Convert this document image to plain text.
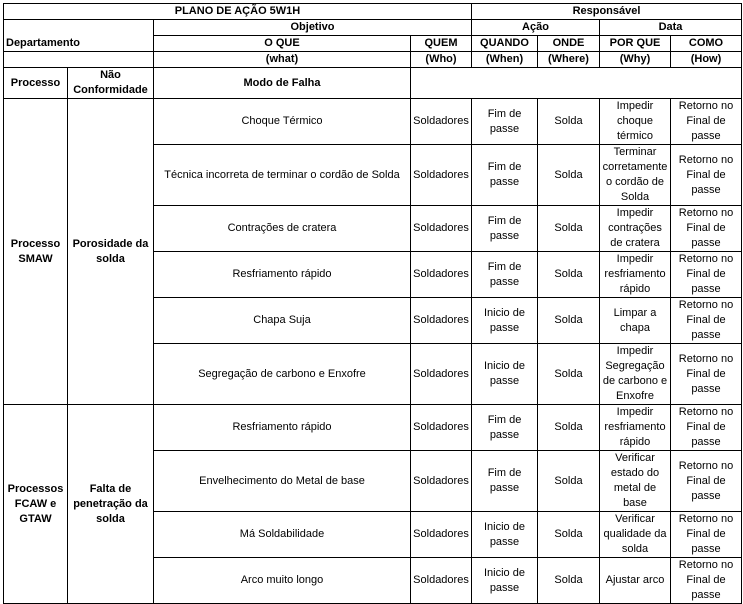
PLANO DE AÇÃO 5W1H				Responsável			
		Objetivo		Ação		Data	
Departamento		O QUE	QUEM	QUANDO	ONDE	POR QUE	COMO
		(what)	(Who)	(When)	(Where)	(Why)	(How)
Processo	Não Conformidade	Modo de Falha					
Processo SMAW	Porosidade da solda	Choque Térmico	Soldadores	Fim de passe	Solda	Impedir choque térmico	Retorno no Final de passe
		Técnica incorreta de terminar o cordão de Solda	Soldadores	Fim de passe	Solda	Terminar corretamente o cordão de Solda	Retorno no Final de passe
		Contrações de cratera	Soldadores	Fim de passe	Solda	Impedir contrações de cratera	Retorno no Final de passe
		Resfriamento rápido	Soldadores	Fim de passe	Solda	Impedir resfriamento rápido	Retorno no Final de passe
		Chapa Suja	Soldadores	Inicio de passe	Solda	Limpar a chapa	Retorno no Final de passe
		Segregação de carbono e Enxofre	Soldadores	Inicio de passe	Solda	Impedir Segregação de carbono e Enxofre	Retorno no Final de passe
Processos FCAW e GTAW	Falta de penetração da solda	Resfriamento rápido	Soldadores	Fim de passe	Solda	Impedir resfriamento rápido	Retorno no Final de passe
		Envelhecimento do Metal de base	Soldadores	Fim de passe	Solda	Verificar estado do metal de base	Retorno no Final de passe
		Má Soldabilidade	Soldadores	Inicio de passe	Solda	Verificar qualidade da solda	Retorno no Final de passe
		Arco muito longo	Soldadores	Inicio de passe	Solda	Ajustar arco	Retorno no Final de passe
